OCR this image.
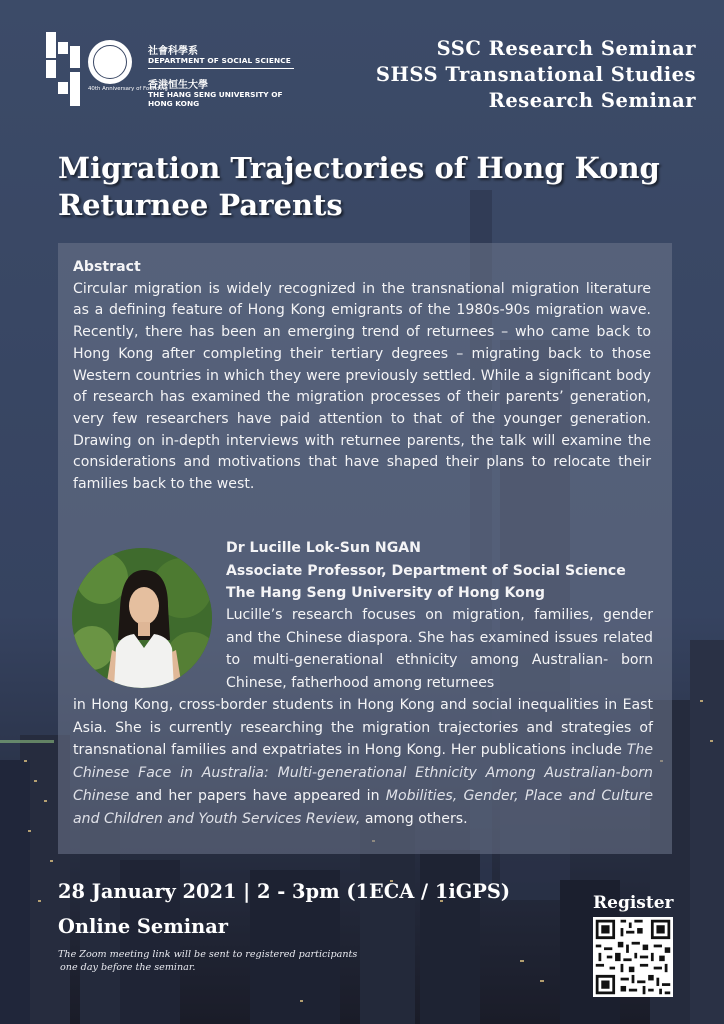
40th Anniversary of Founding
社會科學系
DEPARTMENT OF SOCIAL SCIENCE
香港恒生大學
THE HANG SENG UNIVERSITY OF HONG KONG
SSC Research Seminar
SHSS Transnational Studies
Research Seminar
Migration Trajectories of Hong Kong Returnee Parents
Abstract
Circular migration is widely recognized in the transnational migration literature as a defining feature of Hong Kong emigrants of the 1980s-90s migration wave. Recently, there has been an emerging trend of returnees – who came back to Hong Kong after completing their tertiary degrees – migrating back to those Western countries in which they were previously settled. While a significant body of research has examined the migration processes of their parents’ generation, very few researchers have paid attention to that of the younger generation. Drawing on in-depth interviews with returnee parents, the talk will examine the considerations and motivations that have shaped their plans to relocate their families back to the west.
Dr Lucille Lok-Sun NGAN
Associate Professor, Department of Social Science
The Hang Seng University of Hong Kong
Lucille’s research focuses on migration, families, gender and the Chinese diaspora. She has examined issues related to multi-generational ethnicity among Australian- born Chinese, fatherhood among returnees
in Hong Kong, cross-border students in Hong Kong and social inequalities in East Asia. She is currently researching the migration trajectories and strategies of transnational families and expatriates in Hong Kong. Her publications include The Chinese Face in Australia: Multi-generational Ethnicity Among Australian-born Chinese and her papers have appeared in Mobilities, Gender, Place and Culture and Children and Youth Services Review, among others.
28 January 2021 | 2 - 3pm (1ECA / 1iGPS)
Online Seminar
The Zoom meeting link will be sent to registered participants
one day before the seminar.
Register
